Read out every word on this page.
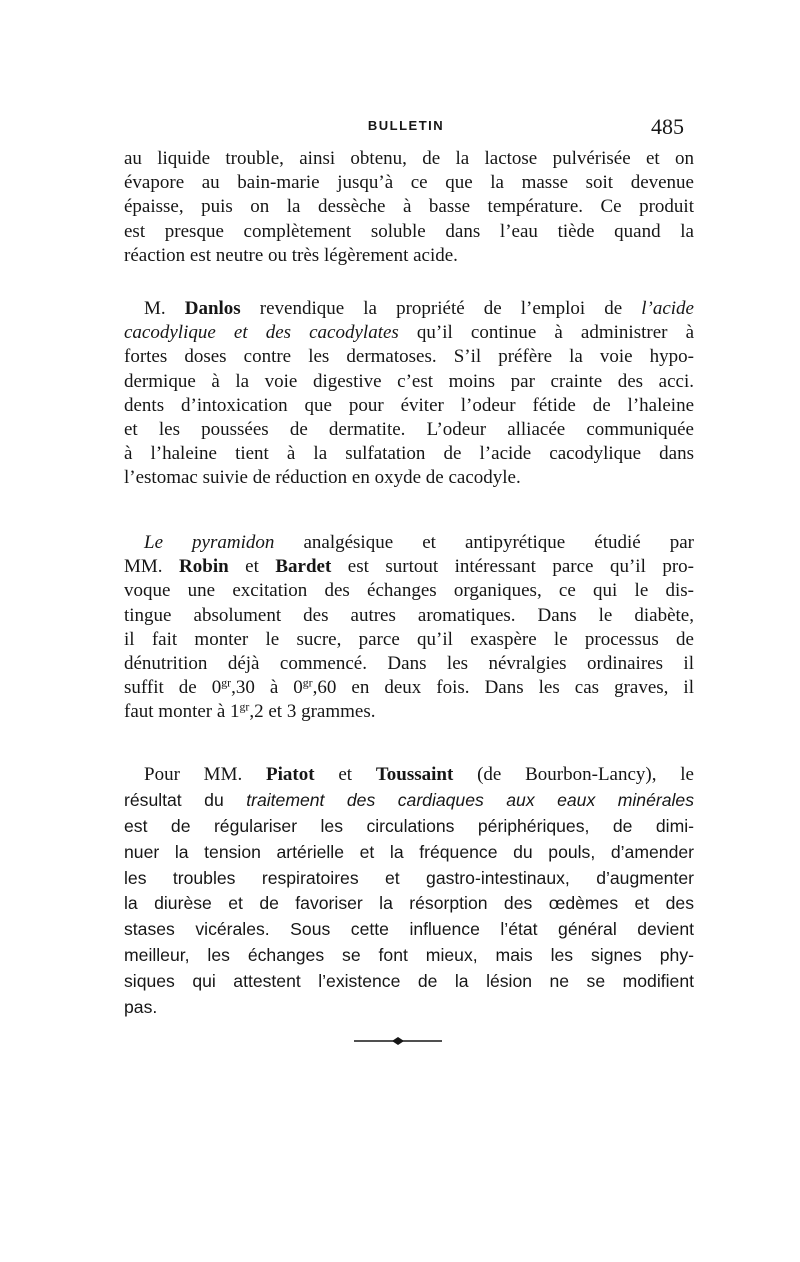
BULLETIN	485
au liquide trouble, ainsi obtenu, de la lactose pulvérisée et on
évapore au bain-marie jusqu’à ce que la masse soit devenue
épaisse, puis on la dessèche à basse température. Ce produit
est presque complètement soluble dans l’eau tiède quand la
réaction est neutre ou très légèrement acide.
M. Danlos revendique la propriété de l’emploi de l’acide
cacodylique et des cacodylates qu’il continue à administrer à
fortes doses contre les dermatoses. S’il préfère la voie hypo-
dermique à la voie digestive c’est moins par crainte des acci.
dents d’intoxication que pour éviter l’odeur fétide de l’haleine
et les poussées de dermatite. L’odeur alliacée communiquée
à l’haleine tient à la sulfatation de l’acide cacodylique dans
l’estomac suivie de réduction en oxyde de cacodyle.
Le pyramidon analgésique et antipyrétique étudié par
MM. Robin et Bardet est surtout intéressant parce qu’il pro-
voque une excitation des échanges organiques, ce qui le dis-
tingue absolument des autres aromatiques. Dans le diabète,
il fait monter le sucre, parce qu’il exaspère le processus de
dénutrition déjà commencé. Dans les névralgies ordinaires il
suffit de $0^{gr},30$ à $0^{gr},60$ en deux fois. Dans les cas graves, il
faut monter à $1^{gr},2$ et 3 grammes.
Pour MM. Piatot et Toussaint (de Bourbon-Lancy), le
résultat du traitement des cardiaques aux eaux minérales
est de régulariser les circulations périphériques, de dimi-
nuer la tension artérielle et la fréquence du pouls, d’amender
les troubles respiratoires et gastro-intestinaux, d’augmenter
la diurèse et de favoriser la résorption des œdèmes et des
stases vicérales. Sous cette influence l’état général devient
meilleur, les échanges se font mieux, mais les signes phy-
siques qui attestent l’existence de la lésion ne se modifient
pas.
